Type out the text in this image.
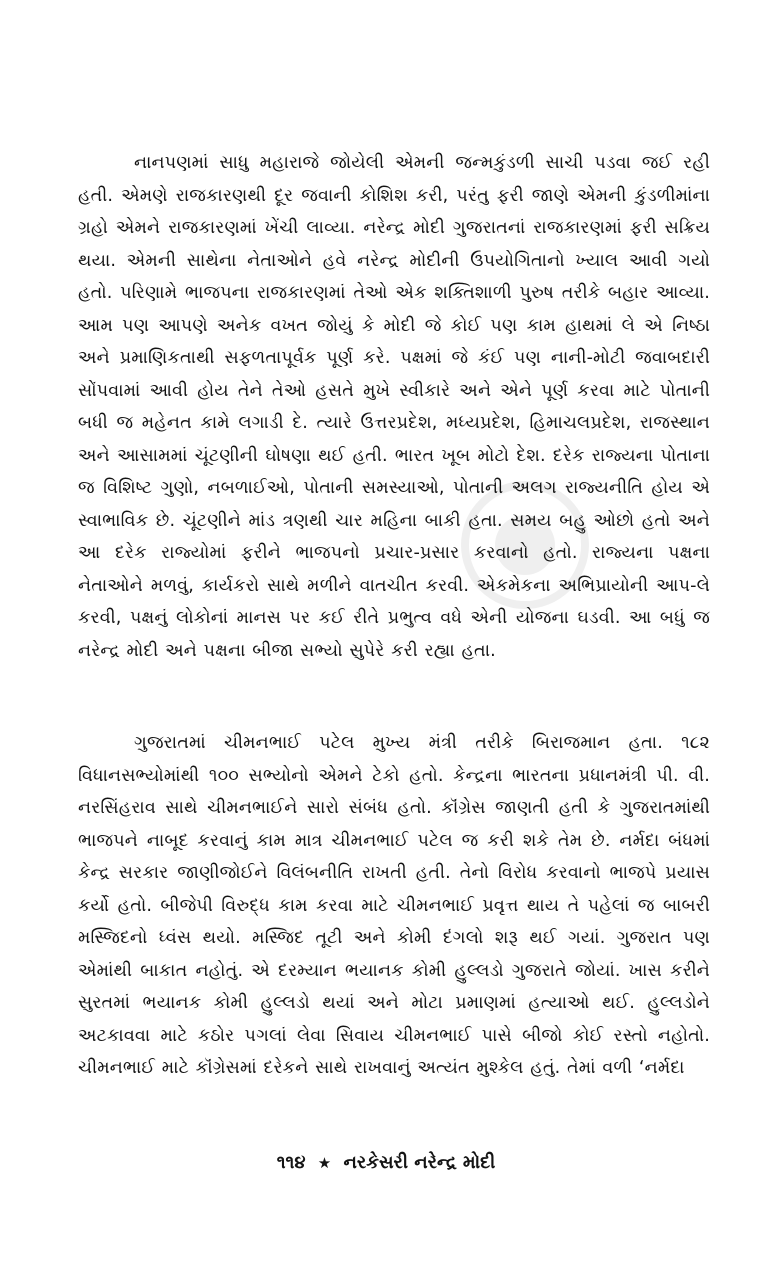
નાનપણમાં સાધુ મહારાજે જોયેલી એમની જન્મકુંડળી સાચી પડવા જઈ રહી હતી. એમણે રાજકારણથી દૂર જવાની કોશિશ કરી, પરંતુ ફરી જાણે એમની કુંડળીમાંના ગ્રહો એમને રાજકારણમાં ખેંચી લાવ્યા. નરેન્દ્ર મોદી ગુજરાતનાં રાજકારણમાં ફરી સક્રિય થયા. એમની સાથેના નેતાઓને હવે નરેન્દ્ર મોદીની ઉપયોગિતાનો ખ્યાલ આવી ગયો હતો. પરિણામે ભાજપના રાજકારણમાં તેઓ એક શક્તિશાળી પુરુષ તરીકે બહાર આવ્યા. આમ પણ આપણે અનેક વખત જોયું કે મોદી જે કોઈ પણ કામ હાથમાં લે એ નિષ્ઠા અને પ્રમાણિકતાથી સફળતાપૂર્વક પૂર્ણ કરે. પક્ષમાં જે કંઈ પણ નાની-મોટી જવાબદારી સોંપવામાં આવી હોય તેને તેઓ હસતે મુખે સ્વીકારે અને એને પૂર્ણ કરવા માટે પોતાની બધી જ મહેનત કામે લગાડી દે. ત્યારે ઉત્તરપ્રદેશ, મધ્યપ્રદેશ, હિમાચલપ્રદેશ, રાજસ્થાન અને આસામમાં ચૂંટણીની ઘોષણા થઈ હતી. ભારત ખૂબ મોટો દેશ. દરેક રાજ્યના પોતાના જ વિશિષ્ટ ગુણો, નબળાઈઓ, પોતાની સમસ્યાઓ, પોતાની અલગ રાજ્યનીતિ હોય એ સ્વાભાવિક છે. ચૂંટણીને માંડ ત્રણથી ચાર મહિના બાકી હતા. સમય બહુ ઓછો હતો અને આ દરેક રાજ્યોમાં ફરીને ભાજપનો પ્રચાર-પ્રસાર કરવાનો હતો. રાજ્યના પક્ષના નેતાઓને મળવું, કાર્યકરો સાથે મળીને વાતચીત કરવી. એકમેકના અભિપ્રાયોની આપ-લે કરવી, પક્ષનું લોકોનાં માનસ પર કઈ રીતે પ્રભુત્વ વધે એની યોજના ઘડવી. આ બધું જ નરેન્દ્ર મોદી અને પક્ષના બીજા સભ્યો સુપેરે કરી રહ્યા હતા.

ગુજરાતમાં ચીમનભાઈ પટેલ મુખ્ય મંત્રી તરીકે બિરાજમાન હતા. ૧૮૨ વિધાનસભ્યોમાંથી ૧૦૦ સભ્યોનો એમને ટેકો હતો. કેન્દ્રના ભારતના પ્રધાનમંત્રી પી. વી. નરસિંહરાવ સાથે ચીમનભાઈને સારો સંબંધ હતો. કૉંગ્રેસ જાણતી હતી કે ગુજરાતમાંથી ભાજપને નાબૂદ કરવાનું કામ માત્ર ચીમનભાઈ પટેલ જ કરી શકે તેમ છે. નર્મદા બંધમાં કેન્દ્ર સરકાર જાણીજોઈને વિલંબનીતિ રાખતી હતી. તેનો વિરોધ કરવાનો ભાજપે પ્રયાસ કર્યો હતો. બીજેપી વિરુદ્ધ કામ કરવા માટે ચીમનભાઈ પ્રવૃત્ત થાય તે પહેલાં જ બાબરી મસ્જિદનો ધ્વંસ થયો. મસ્જિદ તૂટી અને કોમી દંગલો શરૂ થઈ ગયાં. ગુજરાત પણ એમાંથી બાકાત નહોતું. એ દરમ્યાન ભયાનક કોમી હુલ્લડો ગુજરાતે જોયાં. ખાસ કરીને સુરતમાં ભયાનક કોમી હુલ્લડો થયાં અને મોટા પ્રમાણમાં હત્યાઓ થઈ. હુલ્લડોને અટકાવવા માટે કઠોર પગલાં લેવા સિવાય ચીમનભાઈ પાસે બીજો કોઈ રસ્તો નહોતો. ચીમનભાઈ માટે કૉંગ્રેસમાં દરેકને સાથે રાખવાનું અત્યંત મુશ્કેલ હતું. તેમાં વળી ‘નર્મદા

૧૧૪ ★ નરકેસરી નરેન્દ્ર મોદી
